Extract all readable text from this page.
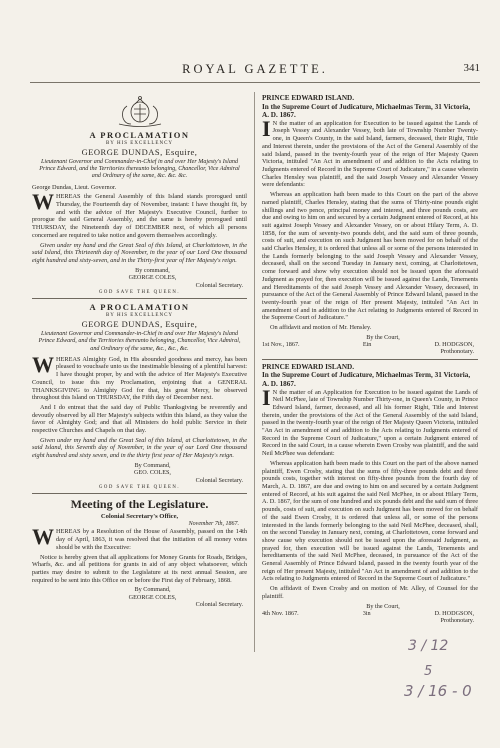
ROYAL GAZETTE.	341
A PROCLAMATION

BY HIS EXCELLENCY

GEORGE DUNDAS, Esquire,

Lieutenant Governor and Commander-in-Chief in and over Her Majesty's Island Prince Edward, and the Territories thereunto belonging, Chancellor, Vice Admiral and Ordinary of the same, &c. &c. &c.

George Dundas, Lieut. Governor.

WHEREAS the General Assembly of this Island stands prorogued until Thursday, the Fourteenth day of November, instant: I have thought fit, by and with the advice of Her Majesty's Executive Council, further to prorogue the said General Assembly, and the same is hereby prorogued until THURSDAY, the Nineteenth day of DECEMBER next, of which all persons concerned are required to take notice and govern themselves accordingly.

Given under my hand and the Great Seal of this Island, at Charlottetown, in the said Island, this Thirteenth day of November, in the year of our Lord One thousand eight hundred and sixty-seven, and in the Thirty-first year of Her Majesty's reign.

By command,

GEORGE COLES,

Colonial Secretary.

GOD SAVE THE QUEEN.

A PROCLAMATION

BY HIS EXCELLENCY

GEORGE DUNDAS, Esquire,

Lieutenant Governor and Commander-in-Chief in and over Her Majesty's Island Prince Edward, and the Territories thereunto belonging, Chancellor, Vice Admiral, and Ordinary of the same, &c., &c., &c.

WHEREAS Almighty God, in His abounded goodness and mercy, has been pleased to vouchsafe unto us the inestimable blessing of a plentiful harvest: I have thought proper, by and with the advice of Her Majesty's Executive Council, to issue this my Proclamation, enjoining that a GENERAL THANKSGIVING to Almighty God for that, his great Mercy, be observed throughout this Island on THURSDAY, the Fifth day of December next.

And I do entreat that the said day of Public Thanksgiving be reverently and devoutly observed by all Her Majesty's subjects within this Island, as they value the favor of Almighty God; and that all Ministers do hold public Service in their respective Churches and Chapels on that day.

Given under my hand and the Great Seal of this Island, at Charlottetown, in the said Island, this Seventh day of November, in the year of our Lord One thousand eight hundred and sixty seven, and in the thirty first year of Her Majesty's reign.

By Command,

GEO. COLES,

Colonial Secretary.

GOD SAVE THE QUEEN.

Meeting of the Legislature.

Colonial Secretary's Office,

November 7th, 1867.

WHEREAS by a Resolution of the House of Assembly, passed on the 14th day of April, 1863, it was resolved that the initiation of all money votes should be with the Executive:

Notice is hereby given that all applications for Money Grants for Roads, Bridges, Wharfs, &c. and all petitions for grants in aid of any object whatsoever, which parties may desire to submit to the Legislature at its next annual Session, are required to be sent into this Office on or before the First day of February, 1868.

By Command,

GEORGE COLES,

Colonial Secretary.

PRINCE EDWARD ISLAND.

In the Supreme Court of Judicature, Michaelmas Term, 31 Victoria, A. D. 1867.

I N the matter of an application for Execution to be issued against the Lands of Joseph Vessey and Alexander Vessey, both late of Township Number Twenty-one, in Queen's County, in the said Island, farmers, deceased, their Right, Title and Interest therein, under the provisions of the Act of the General Assembly of the said Island, passed in the twenty-fourth year of the reign of Her Majesty Queen Victoria, intituled "An Act in amendment of and addition to the Acts relating to Judgments entered of Record in the Supreme Court of Judicature," in a cause wherein Charles Hensley was plaintiff, and the said Joseph Vessey and Alexander Vessey were defendants:

Whereas an application hath been made to this Court on the part of the above named plaintiff, Charles Hensley, stating that the sums of Thirty-nine pounds eight shillings and two pence, principal money and interest, and three pounds costs, are due and owing to him on and secured by a certain Judgment entered of Record, at his suit against Joseph Vessey and Alexander Vessey, on or about Hilary Term, A. D. 1858, for the sum of seventy-two pounds debt, and the said sum of three pounds, costs of suit, and execution on such Judgment has been moved for on behalf of the said Charles Hensley, it is ordered that unless all or some of the persons interested in the Lands formerly belonging to the said Joseph Vessey and Alexander Vessey, deceased, shall on the second Tuesday in January next, coming, at Charlottetown, come forward and show why execution should not be issued upon the aforesaid Judgment as prayed for, then execution will be issued against the Lands, Tenements and Hereditaments of the said Joseph Vessey and Alexander Vessey, deceased, in pursuance of the Act of the General Assembly of Prince Edward Island, passed in the twenty-fourth year of the reign of Her present Majesty, intituled "An Act in amendment of and in addition to the Act relating to Judgments entered of Record in the Supreme Court of Judicature."

On affidavit and motion of Mr. Hensley.

By the Court,

1st Nov., 1867.	Ein	D. HODGSON,

Prothonotary.

PRINCE EDWARD ISLAND.

In the Supreme Court of Judicature, Michaelmas Term, 31 Victoria, A. D. 1867.

I N the matter of an Application for Execution to be issued against the Lands of Neil McPhee, late of Township Number Thirty-one, in Queen's County, in Prince Edward Island, farmer, deceased, and all his former Right, Title and Interest therein, under the provisions of the Act of the General Assembly of the said Island, passed in the twenty-fourth year of the reign of Her Majesty Queen Victoria, intituled "An Act in amendment of and addition to the Acts relating to Judgments entered of Record in the Supreme Court of Judicature," upon a certain Judgment entered of Record in the said Court, in a cause wherein Ewen Crosby was plaintiff, and the said Neil McPhee was defendant:

Whereas application hath been made to this Court on the part of the above named plaintiff, Ewen Crosby, stating that the sums of fifty-three pounds debt and three pounds costs, together with interest on fifty-three pounds from the fourth day of March, A. D. 1867, are due and owing to him on and secured by a certain Judgment entered of Record, at his suit against the said Neil McPhee, in or about Hilary Term, A. D. 1867, for the sum of one hundred and six pounds debt and the said sum of three pounds, costs of suit, and execution on such Judgment has been moved for on behalf of the said Ewen Crosby, it is ordered that unless all, or some of the persons interested in the lands formerly belonging to the said Neil McPhee, deceased, shall, on the second Tuesday in January next, coming, at Charlottetown, come forward and show cause why execution should not be issued upon the aforesaid Judgment, as prayed for, then execution will be issued against the Lands, Tenements and hereditaments of the said Neil McPhee, deceased, in pursuance of the Act of the General Assembly of Prince Edward Island, passed in the twenty fourth year of the reign of Her present Majesty, intituled "An Act in amendment of and addition to the Acts relating to Judgments entered of Record in the Supreme Court of Judicature."

On affidavit of Ewen Crosby and on motion of Mr. Alley, of Counsel for the plaintiff.

By the Court,

4th Nov. 1867.	3in	D. HODGSON,

Prothonotary.

3 / 12
5
3 / 16 - 0
